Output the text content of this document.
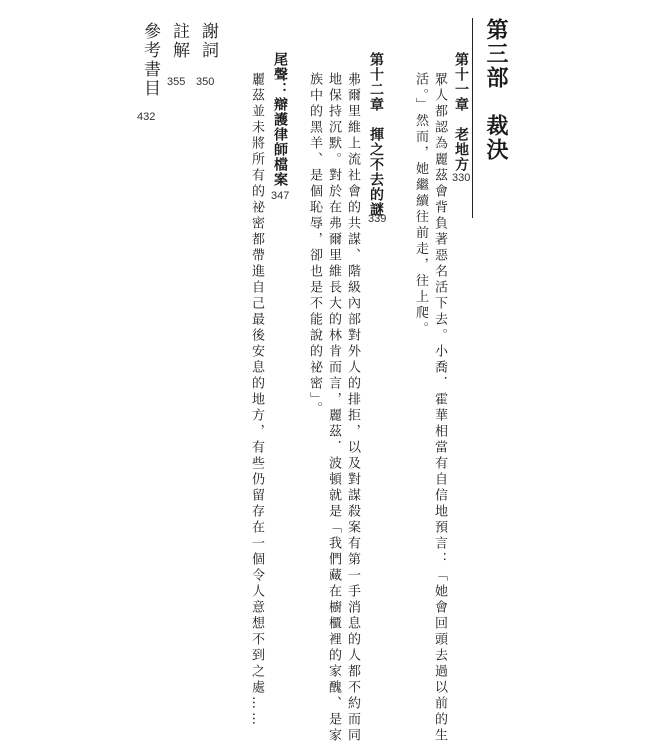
第三部　裁決
第十一章　老地方
330
眾人都認為麗茲會背負著惡名活下去。小喬．霍華相當有自信地預言：「她會回頭去過以前的生
活。」然而，她繼續往前走，往上爬。
第十二章　揮之不去的謎
339
弗爾里維上流社會的共謀、階級內部對外人的排拒，以及對謀殺案有第一手消息的人都不約而同
地保持沉默。對於在弗爾里維長大的林肯而言，麗茲．波頓就是「我們藏在櫥櫃裡的家醜、是家
族中的黑羊、是個恥辱，卻也是不能說的祕密」。
尾聲：辯護律師檔案
347
麗茲並未將所有的祕密都帶進自己最後安息的地方，有些仍留存在一個令人意想不到之處……
謝詞
350
註解
355
參考書目
432
